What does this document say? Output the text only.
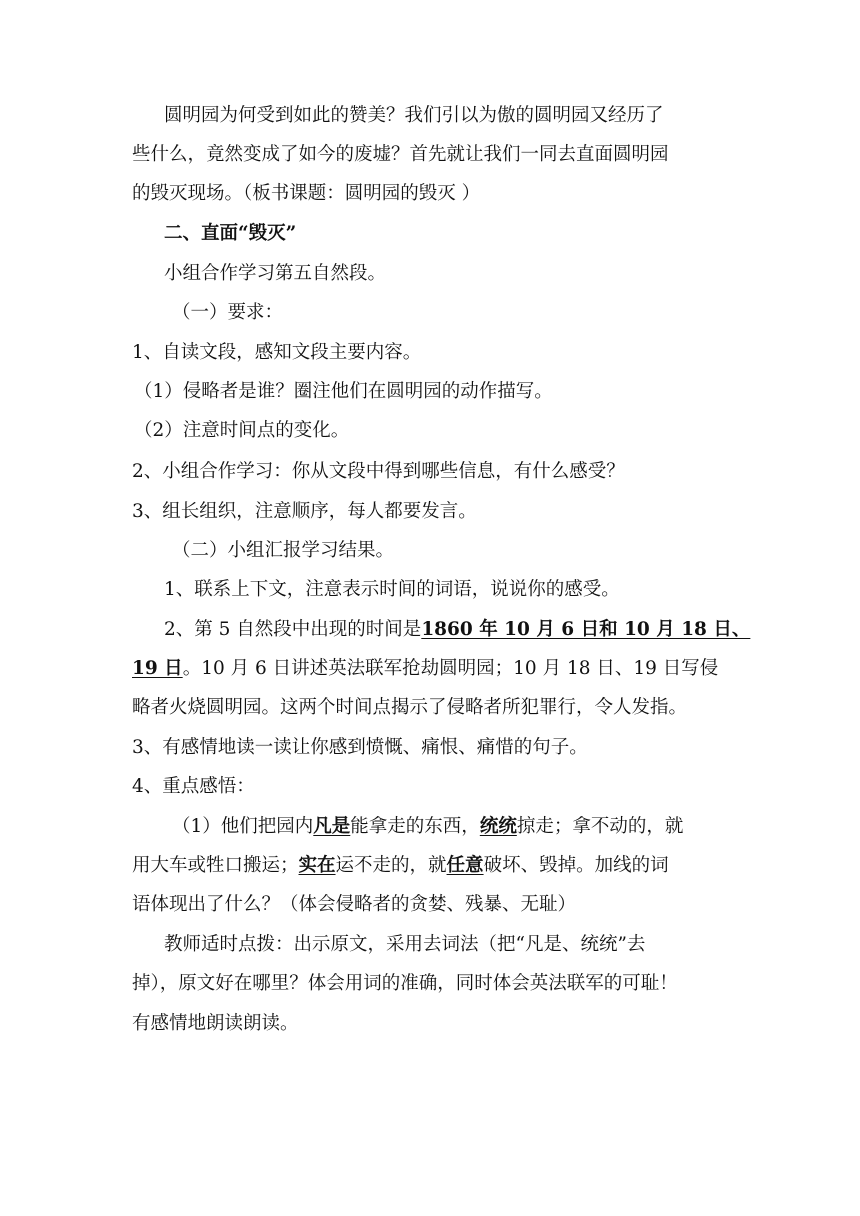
圆明园为何受到如此的赞美？我们引以为傲的圆明园又经历了
些什么，竟然变成了如今的废墟？首先就让我们一同去直面圆明园
的毁灭现场。（板书课题：圆明园的毁灭 ）
二、直面“毁灭”
小组合作学习第五自然段。
（一）要求：
1、自读文段，感知文段主要内容。
（1）侵略者是谁？圈注他们在圆明园的动作描写。
（2）注意时间点的变化。
2、小组合作学习：你从文段中得到哪些信息，有什么感受？
3、组长组织，注意顺序，每人都要发言。
（二）小组汇报学习结果。
1、联系上下文，注意表示时间的词语，说说你的感受。
2、第 5 自然段中出现的时间是1860 年 10 月 6 日和 10 月 18 日、
19 日。10 月 6 日讲述英法联军抢劫圆明园；10 月 18 日、19 日写侵
略者火烧圆明园。这两个时间点揭示了侵略者所犯罪行，令人发指。
3、有感情地读一读让你感到愤慨、痛恨、痛惜的句子。
4、重点感悟：
（1）他们把园内凡是能拿走的东西，统统掠走；拿不动的，就
用大车或牲口搬运；实在运不走的，就任意破坏、毁掉。加线的词
语体现出了什么？（体会侵略者的贪婪、残暴、无耻）
教师适时点拨：出示原文，采用去词法（把“凡是、统统”去
掉），原文好在哪里？体会用词的准确，同时体会英法联军的可耻！
有感情地朗读朗读。
